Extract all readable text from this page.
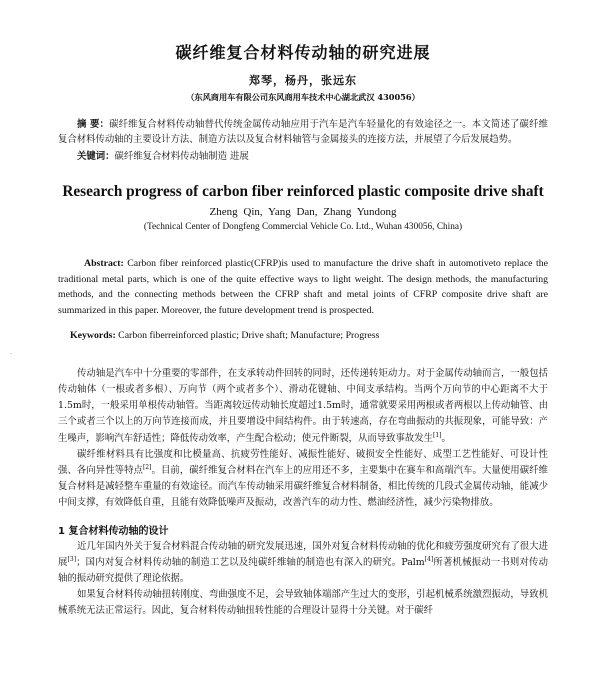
·
碳纤维复合材料传动轴的研究进展
郑琴，杨丹，张远东
（东风商用车有限公司东风商用车技术中心湖北武汉 430056）

摘 要：碳纤维复合材料传动轴替代传统金属传动轴应用于汽车是汽车轻量化的有效途径之一。本文简述了碳纤维复合材料传动轴的主要设计方法、制造方法以及复合材料轴管与金属接头的连接方法，并展望了今后发展趋势。

关键词：碳纤维复合材料传动轴制造 进展
Research progress of carbon fiber reinforced plastic composite drive shaft
Zheng Qin, Yang Dan, Zhang Yundong
(Technical Center of Dongfeng Commercial Vehicle Co. Ltd., Wuhan 430056, China)

Abstract: Carbon fiber reinforced plastic(CFRP)is used to manufacture the drive shaft in automotiveto replace the traditional metal parts, which is one of the quite effective ways to light weight. The design methods, the manufacturing methods, and the connecting methods between the CFRP shaft and metal joints of CFRP composite drive shaft are summarized in this paper. Moreover, the future development trend is prospected.

Keywords: Carbon fiberreinforced plastic; Drive shaft; Manufacture; Progress

传动轴是汽车中十分重要的零部件，在支承转动件回转的同时，还传递转矩动力。对于金属传动轴而言，一般包括传动轴体（一根或者多根）、万向节（两个或者多个）、滑动花键轴、中间支承结构。当两个万向节的中心距离不大于1.5m时，一般采用单根传动轴管。当距离较远传动轴长度超过1.5m时，通常就要采用两根或者两根以上传动轴管、由三个或者三个以上的万向节连接而成，并且要增设中间结构件。由于转速高，存在弯曲振动的共振现象，可能导致：产生噪声，影响汽车舒适性；降低传动效率，产生配合松动；使元件断裂，从而导致事故发生[1]。

碳纤维材料具有比强度和比模量高、抗疲劳性能好、减振性能好、破损安全性能好、成型工艺性能好、可设计性强、各向异性等特点[2]。目前，碳纤维复合材料在汽车上的应用还不多，主要集中在赛车和高端汽车。大量使用碳纤维复合材料是减轻整车重量的有效途径。而汽车传动轴采用碳纤维复合材料制备，相比传统的几段式金属传动轴，能减少中间支撑，有效降低自重，且能有效降低噪声及振动，改善汽车的动力性、燃油经济性，减少污染物排放。

1 复合材料传动轴的设计

近几年国内外关于复合材料混合传动轴的研究发展迅速，国外对复合材料传动轴的优化和疲劳强度研究有了很大进展[3]；国内对复合材料传动轴的制造工艺以及纯碳纤维轴的制造也有深入的研究。Palm[4]所著机械振动一书则对传动轴的振动研究提供了理论依据。

如果复合材料传动轴扭转刚度、弯曲强度不足，会导致轴体端部产生过大的变形，引起机械系统激烈振动，导致机械系统无法正常运行。因此，复合材料传动轴扭转性能的合理设计显得十分关键。对于碳纤
